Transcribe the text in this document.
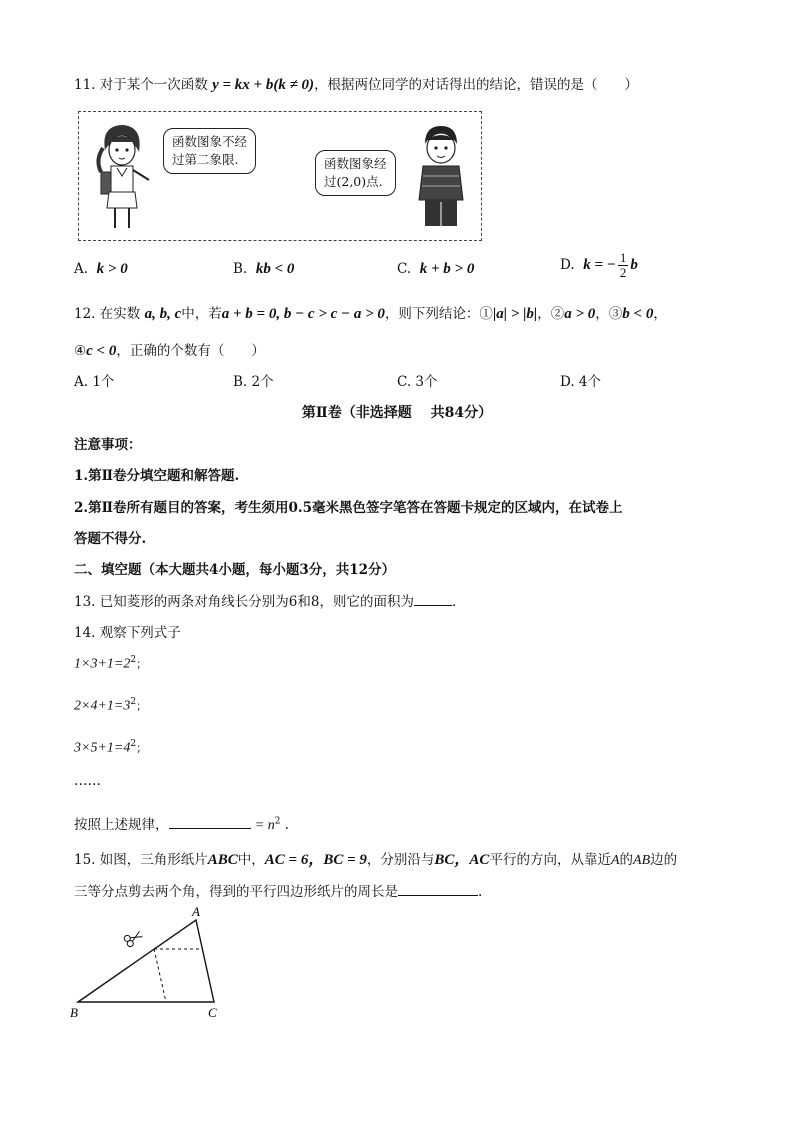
11. 对于某个一次函数 y = kx + b(k ≠ 0)，根据两位同学的对话得出的结论，错误的是（　　）
函数图象不经
过第二象限.	函数图象经
过(2,0)点.
A. k > 0	B. kb < 0	C. k + b > 0	D. k = − $\frac{1}{2}$ b
12. 在实数 a, b, c中，若a + b = 0, b − c > c − a > 0，则下列结论：①|a| > |b|，②a > 0，③b < 0，
④c < 0，正确的个数有（　　）
A. 1个	B. 2个	C. 3个	D. 4个
第Ⅱ卷（非选择题　 共84分）
注意事项：
1.第Ⅱ卷分填空题和解答题.
2.第Ⅱ卷所有题目的答案，考生须用0.5毫米黑色签字笔答在答题卡规定的区域内，在试卷上
答题不得分.
二、填空题（本大题共4小题，每小题3分，共12分）
13. 已知菱形的两条对角线长分别为6和8，则它的面积为	.
14. 观察下列式子
$1\times 3+1=2^2$；
$2\times 4+1=3^2$；
$3\times 5+1=4^2$；
……
按照上述规律，	= $n^2$ .
15. 如图，三角形纸片ABC中，AC = 6，BC = 9，分别沿与BC，AC平行的方向，从靠近A的AB边的
三等分点剪去两个角，得到的平行四边形纸片的周长是	.
A
B	C
